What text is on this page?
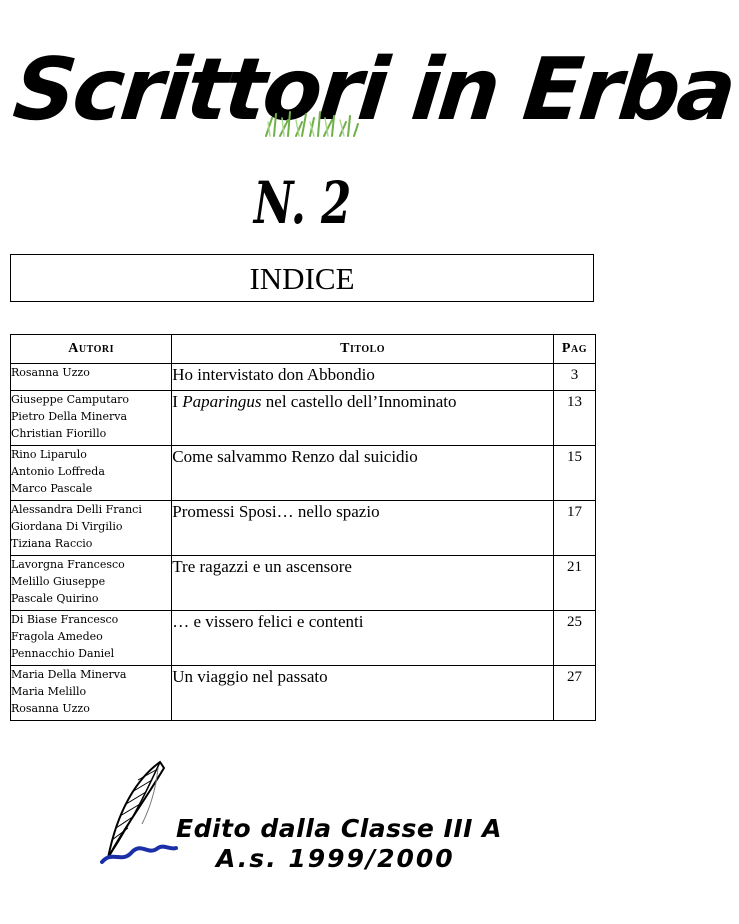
Scrittori in Erba
N. 2
INDICE
Autori	Titolo	Pag

Rosanna Uzzo	Ho intervistato don Abbondio	3

Giuseppe Camputaro
Pietro Della Minerva
Christian Fiorillo	I Paparingus nel castello dell’Innominato	13

Rino Liparulo
Antonio Loffreda
Marco Pascale	Come salvammo Renzo dal suicidio	15

Alessandra Delli Franci
Giordana Di Virgilio
Tiziana Raccio	Promessi Sposi… nello spazio	17

Lavorgna Francesco
Melillo Giuseppe
Pascale Quirino	Tre ragazzi e un ascensore	21

Di Biase Francesco
Fragola Amedeo
Pennacchio Daniel	… e vissero felici e contenti	25

Maria Della Minerva
Maria Melillo
Rosanna Uzzo	Un viaggio nel passato	27
Edito dalla Classe III A
A.s. 1999/2000
